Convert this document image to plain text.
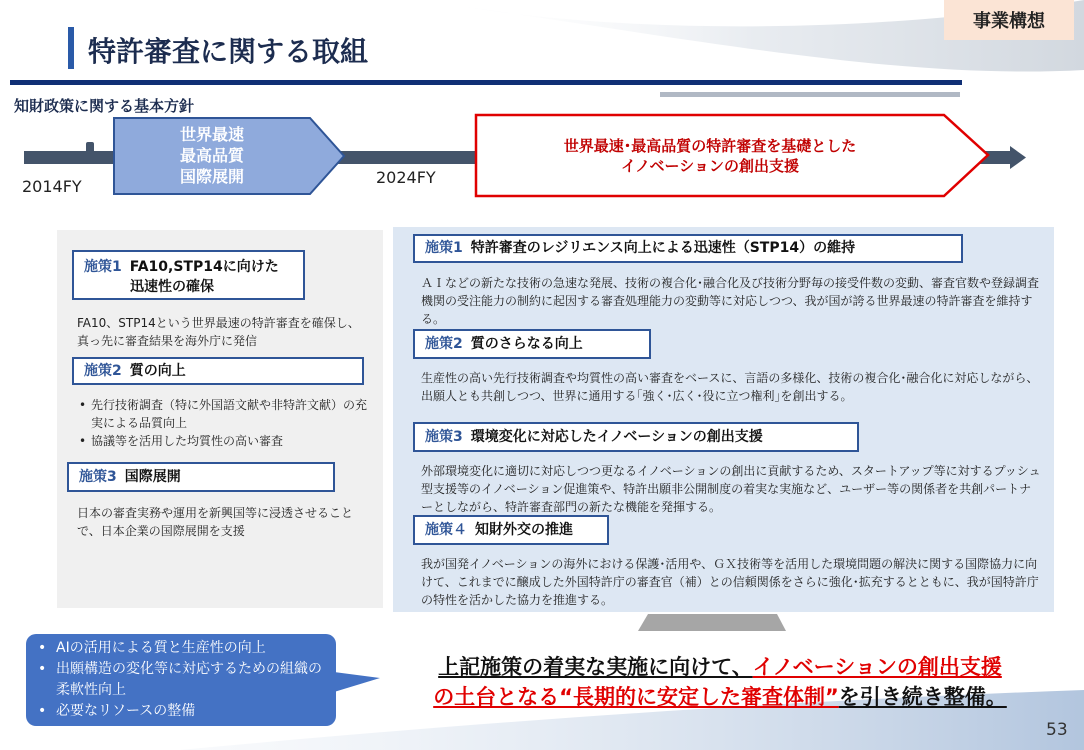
特許審査に関する取組
事業構想
知財政策に関する基本方針
2014FY	2024FY
世界最速
最高品質
国際展開
世界最速･最高品質の特許審査を基礎とした
イノベーションの創出支援
施策1 FA10,STP14に向けた
迅速性の確保
FA10、STP14という世界最速の特許審査を確保し、真っ先に審査結果を海外庁に発信
施策2 質の向上
• 先行技術調査（特に外国語文献や非特許文献）の充実による品質向上
• 協議等を活用した均質性の高い審査
施策3 国際展開
日本の審査実務や運用を新興国等に浸透させることで、日本企業の国際展開を支援
施策1 特許審査のレジリエンス向上による迅速性（STP14）の維持
ＡＩなどの新たな技術の急速な発展、技術の複合化･融合化及び技術分野毎の接受件数の変動、審査官数や登録調査機関の受注能力の制約に起因する審査処理能力の変動等に対応しつつ、我が国が誇る世界最速の特許審査を維持する。
施策2 質のさらなる向上
生産性の高い先行技術調査や均質性の高い審査をベースに、言語の多様化、技術の複合化･融合化に対応しながら、出願人とも共創しつつ、世界に通用する｢強く･広く･役に立つ権利｣を創出する。
施策3 環境変化に対応したイノベーションの創出支援
外部環境変化に適切に対応しつつ更なるイノベーションの創出に貢献するため、スタートアップ等に対するプッシュ型支援等のイノベーション促進策や、特許出願非公開制度の着実な実施など、ユーザー等の関係者を共創パートナーとしながら、特許審査部門の新たな機能を発揮する。
施策４ 知財外交の推進
我が国発イノベーションの海外における保護･活用や、ＧＸ技術等を活用した環境問題の解決に関する国際協力に向けて、これまでに醸成した外国特許庁の審査官（補）との信頼関係をさらに強化･拡充するとともに、我が国特許庁の特性を活かした協力を推進する。
• AIの活用による質と生産性の向上
• 出願構造の変化等に対応するための組織の柔軟性向上
• 必要なリソースの整備
上記施策の着実な実施に向けて、イノベーションの創出支援
の土台となる“長期的に安定した審査体制”を引き続き整備。
53
